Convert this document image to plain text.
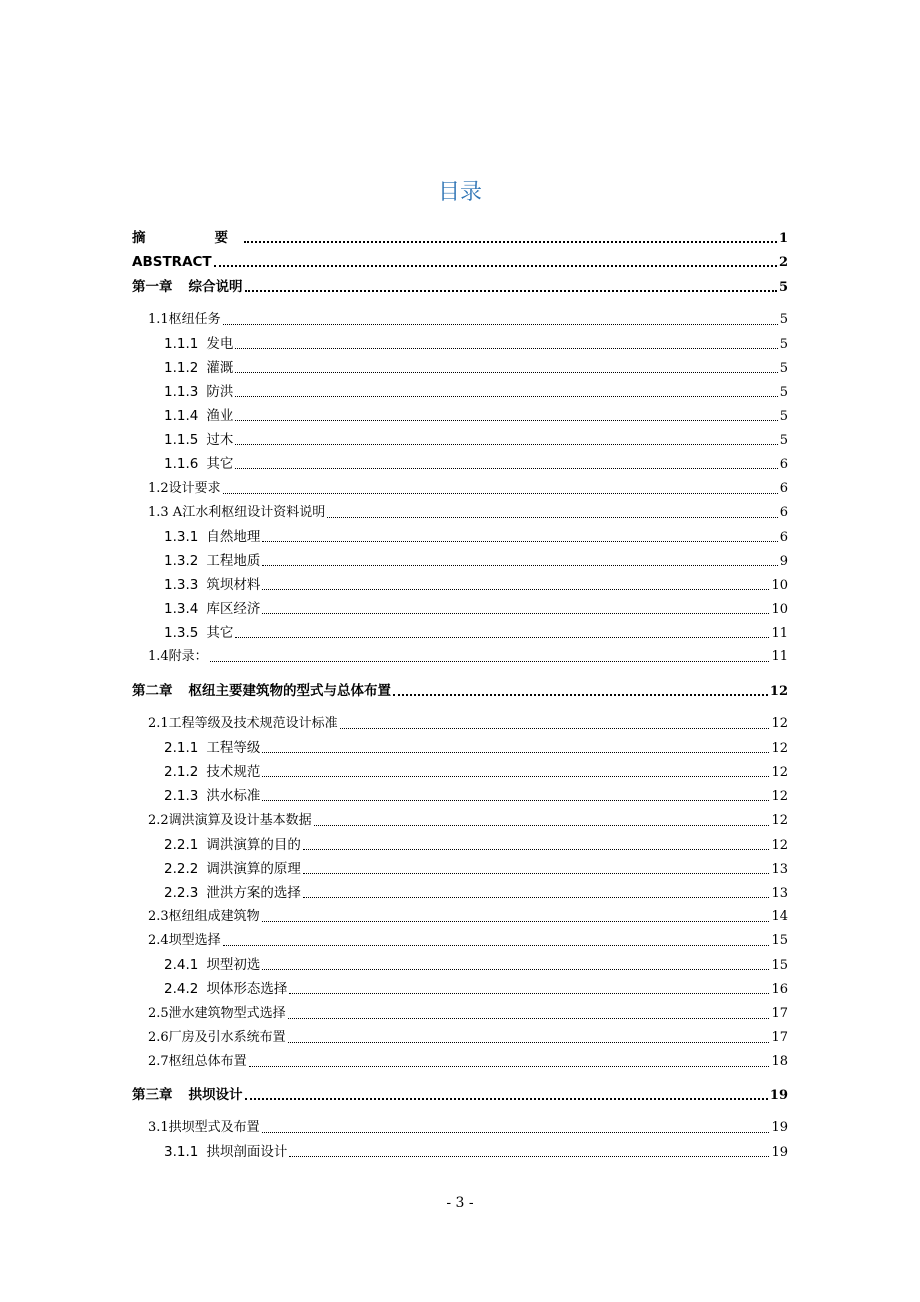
目录
摘　　要	1
ABSTRACT	2
第一章 综合说明	5
1.1枢纽任务	5
1.1.1 发电	5
1.1.2 灌溉	5
1.1.3 防洪	5
1.1.4 渔业	5
1.1.5 过木	5
1.1.6 其它	6
1.2设计要求	6
1.3 A江水利枢纽设计资料说明	6
1.3.1 自然地理	6
1.3.2 工程地质	9
1.3.3 筑坝材料	10
1.3.4 库区经济	10
1.3.5 其它	11
1.4附录：	11
第二章 枢纽主要建筑物的型式与总体布置	12
2.1工程等级及技术规范设计标准	12
2.1.1 工程等级	12
2.1.2 技术规范	12
2.1.3 洪水标准	12
2.2调洪演算及设计基本数据	12
2.2.1 调洪演算的目的	12
2.2.2 调洪演算的原理	13
2.2.3 泄洪方案的选择	13
2.3枢纽组成建筑物	14
2.4坝型选择	15
2.4.1 坝型初选	15
2.4.2 坝体形态选择	16
2.5泄水建筑物型式选择	17
2.6厂房及引水系统布置	17
2.7枢纽总体布置	18
第三章 拱坝设计	19
3.1拱坝型式及布置	19
3.1.1 拱坝剖面设计	19
- 3 -
